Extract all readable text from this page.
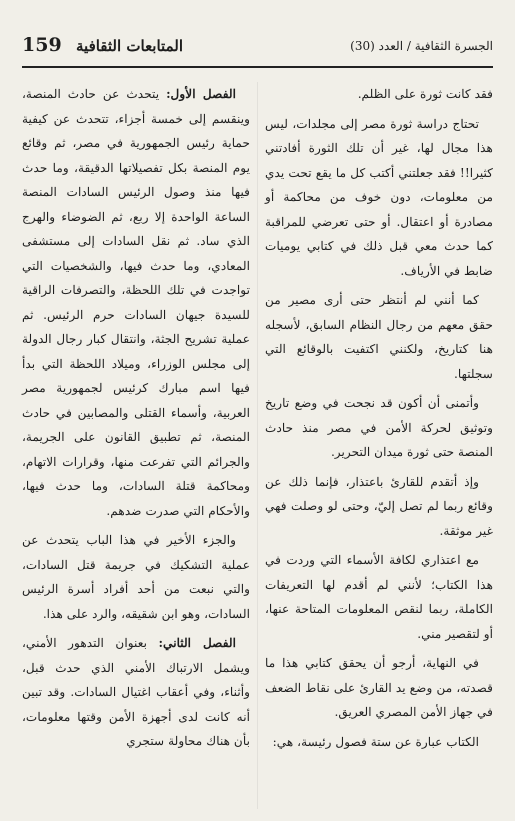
159 المتابعات الثقافية	الجسرة الثقافية / العدد (30)

فقد كانت ثورة على الظلم.

تحتاج دراسة ثورة مصر إلى مجلدات، ليس هذا مجال لها، غير أن تلك الثورة أفادتني كثيرا!! فقد جعلتني أكتب كل ما يقع تحت يدي من معلومات، دون خوف من محاكمة أو مصادرة أو اعتقال. أو حتى تعرضي للمراقبة كما حدث معي قبل ذلك في كتابي يوميات ضابط في الأرياف.

كما أنني لم أنتظر حتى أرى مصير من حقق معهم من رجال النظام السابق، لأسجله هنا كتاريخ، ولكنني اكتفيت بالوقائع التي سجلتها.

وأتمنى أن أكون قد نجحت في وضع تاريخ وتوثيق لحركة الأمن في مصر منذ حادث المنصة حتى ثورة ميدان التحرير.

وإذ أتقدم للقارئ باعتذار، فإنما ذلك عن وقائع ربما لم تصل إليّ، وحتى لو وصلت فهي غير موثقة.

مع اعتذاري لكافة الأسماء التي وردت في هذا الكتاب؛ لأنني لم أقدم لها التعريفات الكاملة، ربما لنقص المعلومات المتاحة عنها، أو لتقصير مني.

في النهاية، أرجو أن يحقق كتابي هذا ما قصدته، من وضع يد القارئ على نقاط الضعف في جهاز الأمن المصري العريق.

الكتاب عبارة عن ستة فصول رئيسة، هي:

الفصل الأول: يتحدث عن حادث المنصة، وينقسم إلى خمسة أجزاء، تتحدث عن كيفية حماية رئيس الجمهورية في مصر، ثم وقائع يوم المنصة بكل تفصيلاتها الدقيقة، وما حدث فيها منذ وصول الرئيس السادات المنصة الساعة الواحدة إلا ربع، ثم الضوضاء والهرج الذي ساد. ثم نقل السادات إلى مستشفى المعادي، وما حدث فيها، والشخصيات التي تواجدت في تلك اللحظة، والتصرفات الراقية للسيدة جيهان السادات حرم الرئيس. ثم عملية تشريح الجثة، وانتقال كبار رجال الدولة إلى مجلس الوزراء، وميلاد اللحظة التي بدأ فيها اسم مبارك كرئيس لجمهورية مصر العربية، وأسماء القتلى والمصابين في حادث المنصة، ثم تطبيق القانون على الجريمة، والجرائم التي تفرعت منها، وقرارات الاتهام، ومحاكمة قتلة السادات، وما حدث فيها، والأحكام التي صدرت ضدهم.

والجزء الأخير في هذا الباب يتحدث عن عملية التشكيك في جريمة قتل السادات، والتي نبعت من أحد أفراد أسرة الرئيس السادات، وهو ابن شقيقه، والرد على هذا.

الفصل الثاني: بعنوان التدهور الأمني، ويشمل الارتباك الأمني الذي حدث قبل، وأثناء، وفي أعقاب اغتيال السادات. وقد تبين أنه كانت لدى أجهزة الأمن وقتها معلومات، بأن هناك محاولة ستجري
